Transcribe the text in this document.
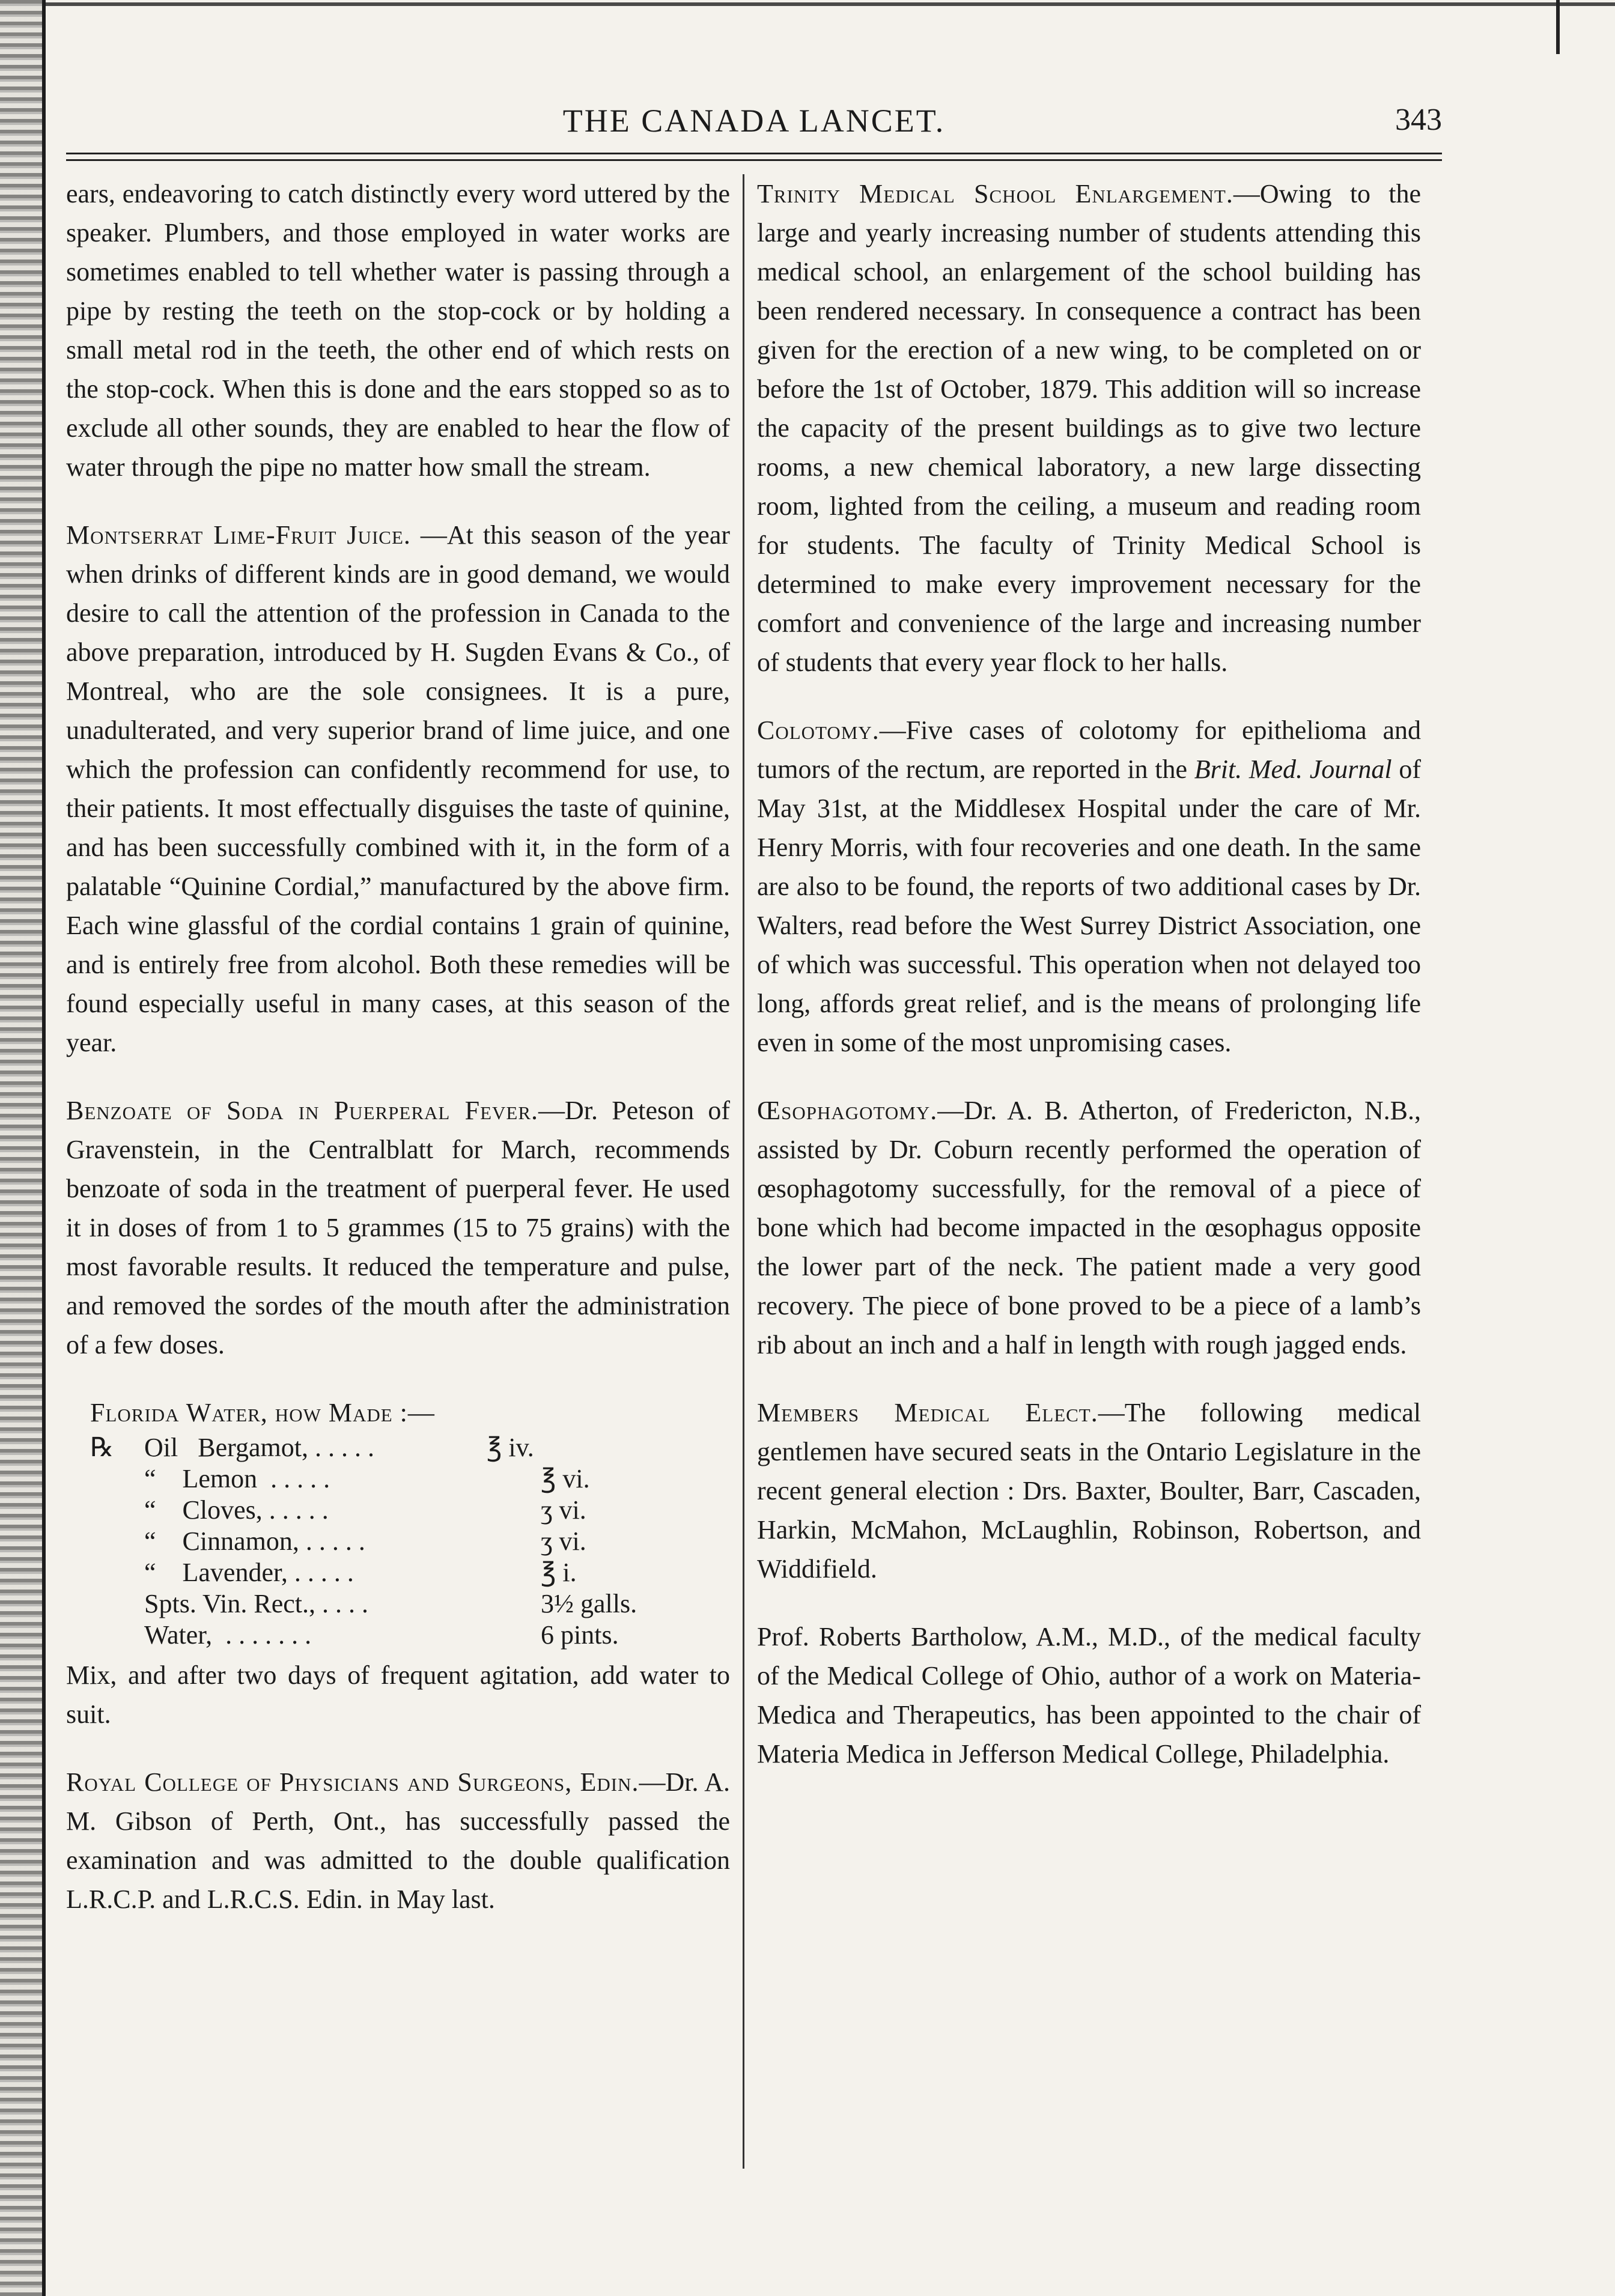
THE CANADA LANCET.	343

ears, endeavoring to catch distinctly every word uttered by the speaker. Plumbers, and those employed in water works are sometimes enabled to tell whether water is passing through a pipe by resting the teeth on the stop-cock or by holding a small metal rod in the teeth, the other end of which rests on the stop-cock. When this is done and the ears stopped so as to exclude all other sounds, they are enabled to hear the flow of water through the pipe no matter how small the stream.

Montserrat Lime-Fruit Juice. —At this season of the year when drinks of different kinds are in good demand, we would desire to call the attention of the profession in Canada to the above preparation, introduced by H. Sugden Evans & Co., of Montreal, who are the sole consignees. It is a pure, unadulterated, and very superior brand of lime juice, and one which the profession can confidently recommend for use, to their patients. It most effectually disguises the taste of quinine, and has been successfully combined with it, in the form of a palatable “Quinine Cordial,” manufactured by the above firm. Each wine glassful of the cordial contains 1 grain of quinine, and is entirely free from alcohol. Both these remedies will be found especially useful in many cases, at this season of the year.

Benzoate of Soda in Puerperal Fever.—Dr. Peteson of Gravenstein, in the Centralblatt for March, recommends benzoate of soda in the treatment of puerperal fever. He used it in doses of from 1 to 5 grammes (15 to 75 grains) with the most favorable results. It reduced the temperature and pulse, and removed the sordes of the mouth after the administration of a few doses.

Florida Water, how Made :—
℞	Oil   Bergamot, . . . . .	℥ iv.
“    Lemon  . . . . .	℥ vi.
“    Cloves, . . . . .	ʒ vi.
“    Cinnamon, . . . . .	ʒ vi.
“    Lavender, . . . . .	℥ i.
Spts. Vin. Rect., . . . .	3½ galls.
Water,  . . . . . . .	6 pints.

Mix, and after two days of frequent agitation, add water to suit.

Royal College of Physicians and Surgeons, Edin.—Dr. A. M. Gibson of Perth, Ont., has successfully passed the examination and was admitted to the double qualification L.R.C.P. and L.R.C.S. Edin. in May last.

Trinity Medical School Enlargement.—Owing to the large and yearly increasing number of students attending this medical school, an enlargement of the school building has been rendered necessary. In consequence a contract has been given for the erection of a new wing, to be completed on or before the 1st of October, 1879. This addition will so increase the capacity of the present buildings as to give two lecture rooms, a new chemical laboratory, a new large dissecting room, lighted from the ceiling, a museum and reading room for students. The faculty of Trinity Medical School is determined to make every improvement necessary for the comfort and convenience of the large and increasing number of students that every year flock to her halls.

Colotomy.—Five cases of colotomy for epithelioma and tumors of the rectum, are reported in the Brit. Med. Journal of May 31st, at the Middlesex Hospital under the care of Mr. Henry Morris, with four recoveries and one death. In the same are also to be found, the reports of two additional cases by Dr. Walters, read before the West Surrey District Association, one of which was successful. This operation when not delayed too long, affords great relief, and is the means of prolonging life even in some of the most unpromising cases.

Œsophagotomy.—Dr. A. B. Atherton, of Fredericton, N.B., assisted by Dr. Coburn recently performed the operation of œsophagotomy successfully, for the removal of a piece of bone which had become impacted in the œsophagus opposite the lower part of the neck. The patient made a very good recovery. The piece of bone proved to be a piece of a lamb’s rib about an inch and a half in length with rough jagged ends.

Members Medical Elect.—The following medical gentlemen have secured seats in the Ontario Legislature in the recent general election : Drs. Baxter, Boulter, Barr, Cascaden, Harkin, McMahon, McLaughlin, Robinson, Robertson, and Widdifield.

Prof. Roberts Bartholow, A.M., M.D., of the medical faculty of the Medical College of Ohio, author of a work on Materia-Medica and Therapeutics, has been appointed to the chair of Materia Medica in Jefferson Medical College, Philadelphia.
